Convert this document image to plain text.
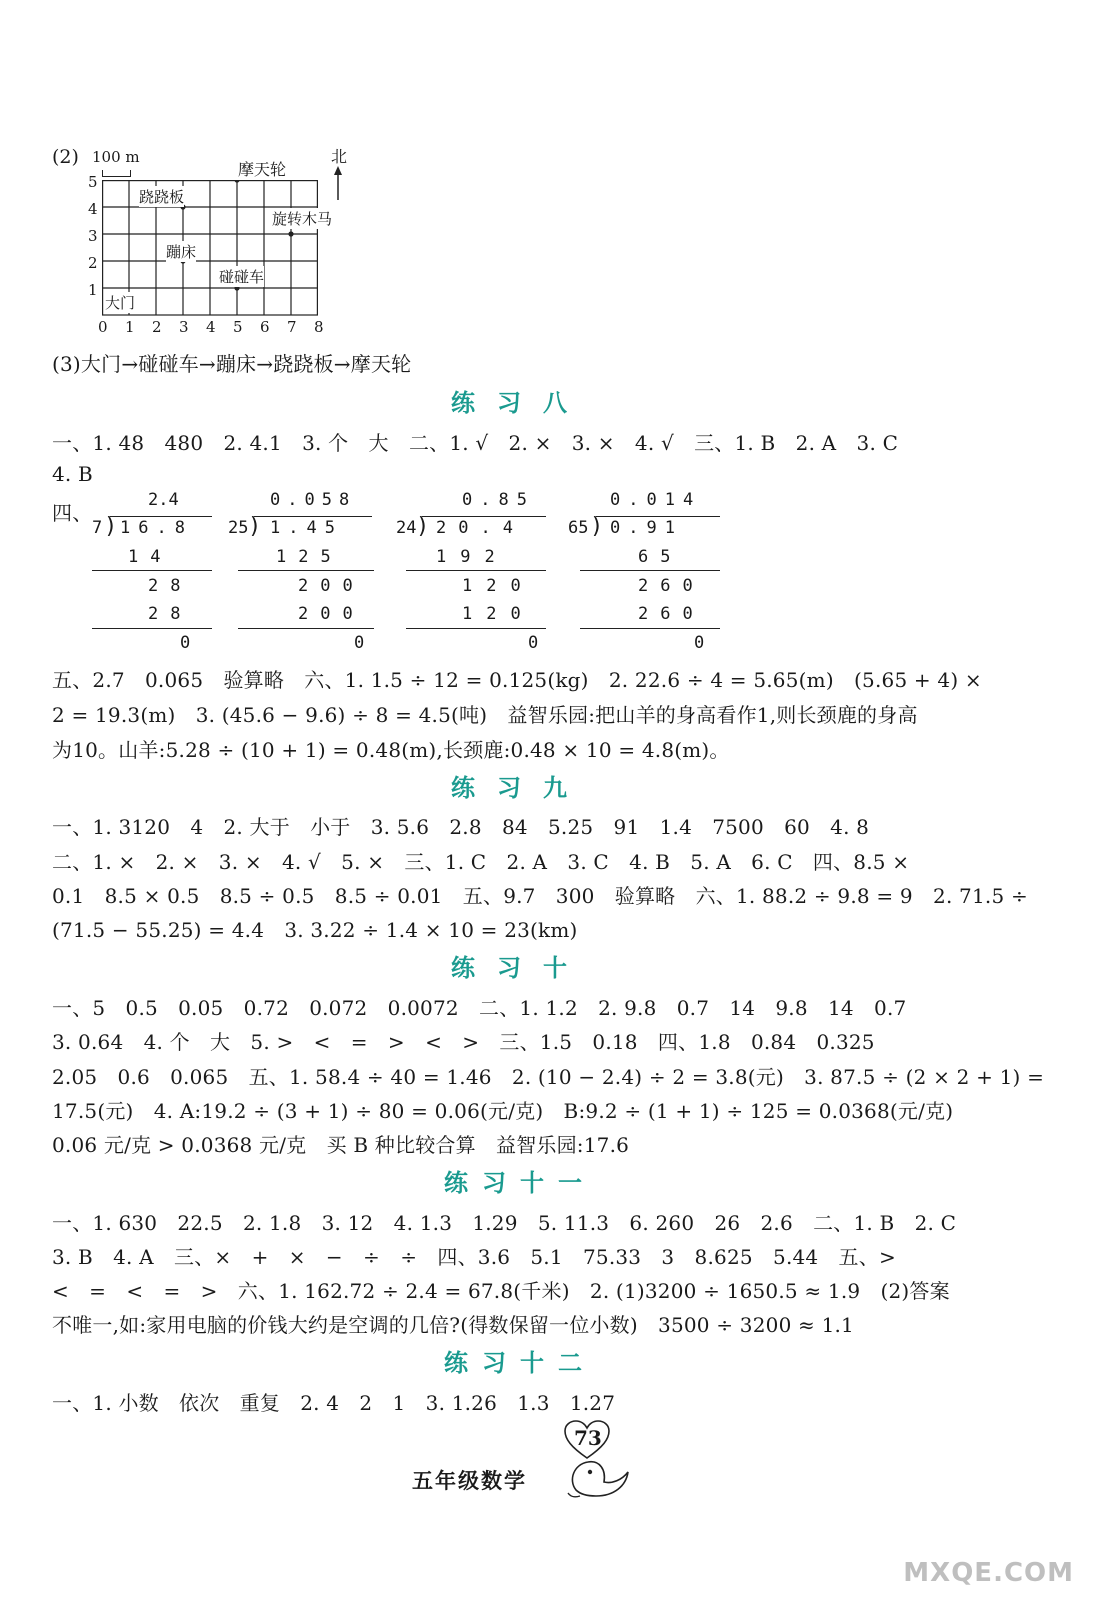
(2) 100 m	北
5
4
3
2
1
0 1 2 3 4 5 6 7 8
摩天轮
跷跷板
旋转木马
蹦床
碰碰车
大门
(3)大门→碰碰车→蹦床→跷跷板→摩天轮
练习八
一、1. 48　480　2. 4.1　3. 个　大　二、1. √　2. ×　3. ×　4. √　三、1. B　2. A　3. C
4. B
四、
2.4
7 ) 16.8
14
28
28
0
0.058
25 ) 1.45
125
200
200
0
0.85
24 ) 20.4
192
120
120
0
0.014
65 ) 0.91
65
260
260
0
五、2.7　0.065　验算略　六、1. 1.5 ÷ 12 = 0.125(kg)　2. 22.6 ÷ 4 = 5.65(m)　(5.65 + 4) ×
2 = 19.3(m)　3. (45.6 − 9.6) ÷ 8 = 4.5(吨)　益智乐园:把山羊的身高看作1,则长颈鹿的身高
为10。山羊:5.28 ÷ (10 + 1) = 0.48(m),长颈鹿:0.48 × 10 = 4.8(m)。
练习九
一、1. 3120　4　2. 大于　小于　3. 5.6　2.8　84　5.25　91　1.4　7500　60　4. 8
二、1. ×　2. ×　3. ×　4. √　5. ×　三、1. C　2. A　3. C　4. B　5. A　6. C　四、8.5 ×
0.1　8.5 × 0.5　8.5 ÷ 0.5　8.5 ÷ 0.01　五、9.7　300　验算略　六、1. 88.2 ÷ 9.8 = 9　2. 71.5 ÷
(71.5 − 55.25) = 4.4　3. 3.22 ÷ 1.4 × 10 = 23(km)
练习十
一、5　0.5　0.05　0.72　0.072　0.0072　二、1. 1.2　2. 9.8　0.7　14　9.8　14　0.7
3. 0.64　4. 个　大　5. >　<　=　>　<　>　三、1.5　0.18　四、1.8　0.84　0.325
2.05　0.6　0.065　五、1. 58.4 ÷ 40 = 1.46　2. (10 − 2.4) ÷ 2 = 3.8(元)　3. 87.5 ÷ (2 × 2 + 1) =
17.5(元)　4. A:19.2 ÷ (3 + 1) ÷ 80 = 0.06(元/克)　B:9.2 ÷ (1 + 1) ÷ 125 = 0.0368(元/克)
0.06 元/克 > 0.0368 元/克　买 B 种比较合算　益智乐园:17.6
练习十一
一、1. 630　22.5　2. 1.8　3. 12　4. 1.3　1.29　5. 11.3　6. 260　26　2.6　二、1. B　2. C
3. B　4. A　三、×　+　×　−　÷　÷　四、3.6　5.1　75.33　3　8.625　5.44　五、>
<　=　<　=　>　六、1. 162.72 ÷ 2.4 = 67.8(千米)　2. (1)3200 ÷ 1650.5 ≈ 1.9　(2)答案
不唯一,如:家用电脑的价钱大约是空调的几倍?(得数保留一位小数)　3500 ÷ 3200 ≈ 1.1
练习十二
一、1. 小数　依次　重复　2. 4　2　1　3. 1.26　1.3　1.27
73
五年级数学
MXQE.COM
